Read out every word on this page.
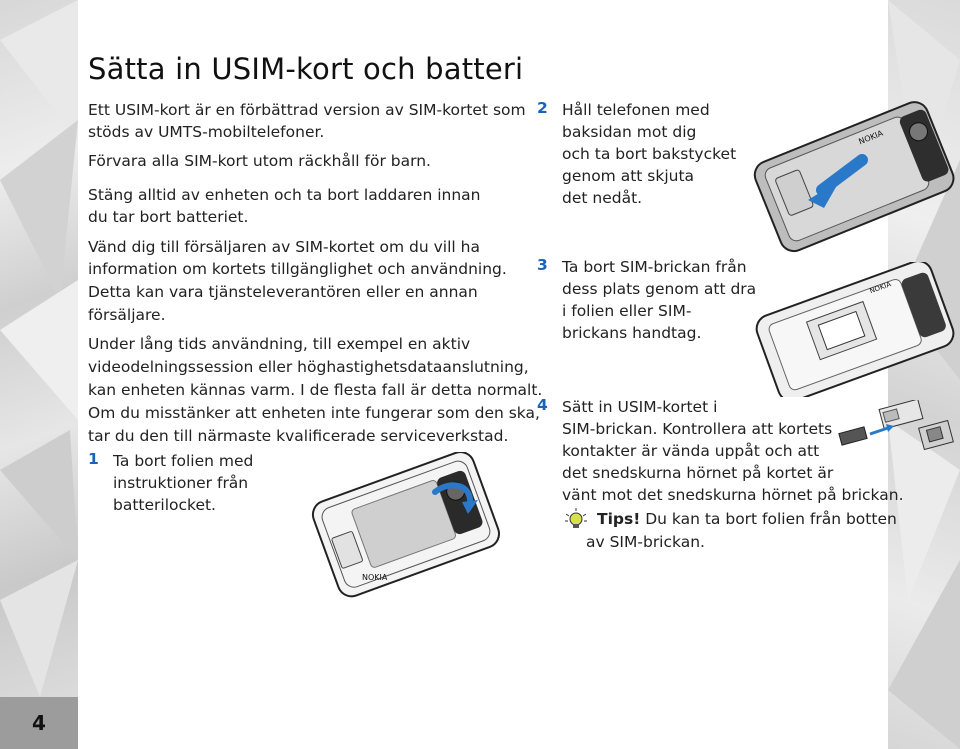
4
Sätta in USIM-kort och batteri

Ett USIM-kort är en förbättrad version av SIM-kortet som

stöds av UMTS-mobiltelefoner.

Förvara alla SIM-kort utom räckhåll för barn.

Stäng alltid av enheten och ta bort laddaren innan

du tar bort batteriet.

Vänd dig till försäljaren av SIM-kortet om du vill ha

information om kortets tillgänglighet och användning.

Detta kan vara tjänsteleverantören eller en annan

försäljare.

Under lång tids användning, till exempel en aktiv

videodelningssession eller höghastighetsdataanslutning,

kan enheten kännas varm. I de flesta fall är detta normalt.

Om du misstänker att enheten inte fungerar som den ska,

tar du den till närmaste kvalificerade serviceverkstad.

1 Ta bort folien med

instruktioner från

batterilocket.

NOKIA

2 Håll telefonen med

baksidan mot dig

och ta bort bakstycket

genom att skjuta

det nedåt.

NOKIA

3 Ta bort SIM-brickan från

dess plats genom att dra

i folien eller SIM-

brickans handtag.

NOKIA

4 Sätt in USIM-kortet i

SIM-brickan. Kontrollera att kortets

kontakter är vända uppåt och att

det snedskurna hörnet på kortet är

vänt mot det snedskurna hörnet på brickan.

Tips! Du kan ta bort folien från botten

av SIM-brickan.
